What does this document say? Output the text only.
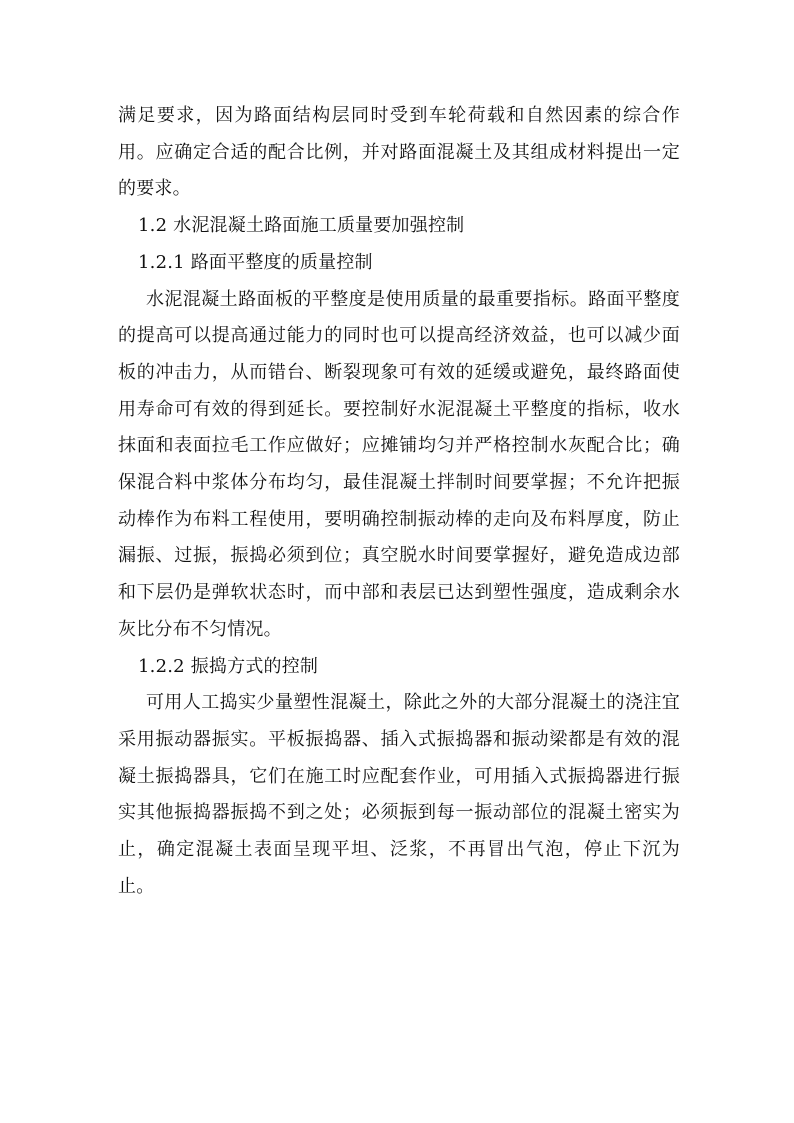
满足要求，因为路面结构层同时受到车轮荷载和自然因素的综合作用。应确定合适的配合比例，并对路面混凝土及其组成材料提出一定的要求。

1.2 水泥混凝土路面施工质量要加强控制

1.2.1 路面平整度的质量控制

水泥混凝土路面板的平整度是使用质量的最重要指标。路面平整度的提高可以提高通过能力的同时也可以提高经济效益，也可以减少面板的冲击力，从而错台、断裂现象可有效的延缓或避免，最终路面使用寿命可有效的得到延长。要控制好水泥混凝土平整度的指标，收水抹面和表面拉毛工作应做好；应摊铺均匀并严格控制水灰配合比；确保混合料中浆体分布均匀，最佳混凝土拌制时间要掌握；不允许把振动棒作为布料工程使用，要明确控制振动棒的走向及布料厚度，防止漏振、过振，振捣必须到位；真空脱水时间要掌握好，避免造成边部和下层仍是弹软状态时，而中部和表层已达到塑性强度，造成剩余水灰比分布不匀情况。

1.2.2 振捣方式的控制

可用人工捣实少量塑性混凝土，除此之外的大部分混凝土的浇注宜采用振动器振实。平板振捣器、插入式振捣器和振动梁都是有效的混凝土振捣器具，它们在施工时应配套作业，可用插入式振捣器进行振实其他振捣器振捣不到之处；必须振到每一振动部位的混凝土密实为止，确定混凝土表面呈现平坦、泛浆，不再冒出气泡，停止下沉为止。
